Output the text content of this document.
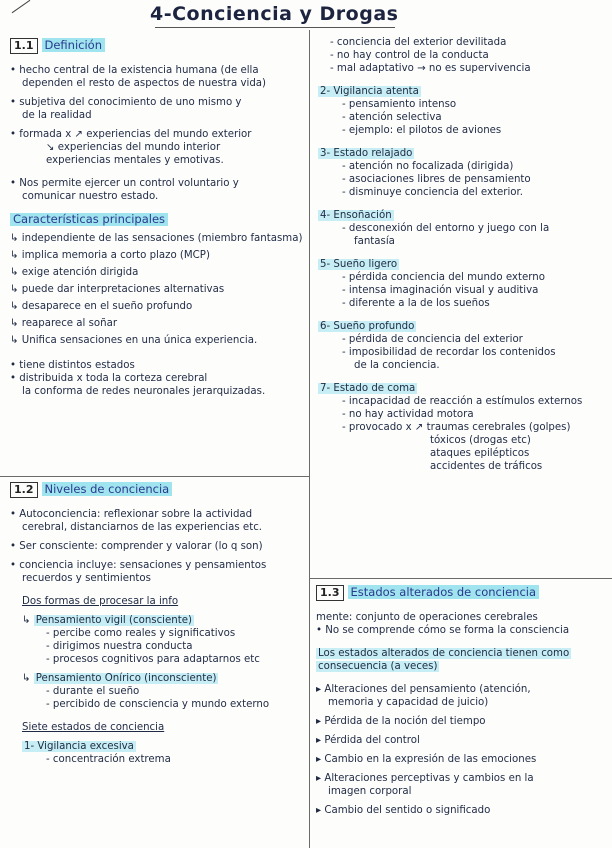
4-Conciencia y Drogas
1.1 Definición
• hecho central de la existencia humana (de ella
dependen el resto de aspectos de nuestra vida)
• subjetiva del conocimiento de uno mismo y
de la realidad
• formada x ↗ experiencias del mundo exterior
↘ experiencias del mundo interior
experiencias mentales y emotivas.
• Nos permite ejercer un control voluntario y
comunicar nuestro estado.
Características principales
↳ independiente de las sensaciones (miembro fantasma)
↳ implica memoria a corto plazo (MCP)
↳ exige atención dirigida
↳ puede dar interpretaciones alternativas
↳ desaparece en el sueño profundo
↳ reaparece al soñar
↳ Unifica sensaciones en una única experiencia.
• tiene distintos estados
• distribuida x toda la corteza cerebral
la conforma de redes neuronales jerarquizadas.
1.2 Niveles de conciencia
• Autoconciencia: reflexionar sobre la actividad
cerebral, distanciarnos de las experiencias etc.
• Ser consciente: comprender y valorar (lo q son)
• conciencia incluye: sensaciones y pensamientos
recuerdos y sentimientos
Dos formas de procesar la info
↳ Pensamiento vigil (consciente)
- percibe como reales y significativos
- dirigimos nuestra conducta
- procesos cognitivos para adaptarnos etc
↳ Pensamiento Onírico (inconsciente)
- durante el sueño
- percibido de consciencia y mundo externo
Siete estados de conciencia
1- Vigilancia excesiva
- concentración extrema
- conciencia del exterior devilitada
- no hay control de la conducta
- mal adaptativo → no es supervivencia
2- Vigilancia atenta
- pensamiento intenso
- atención selectiva
- ejemplo: el pilotos de aviones
3- Estado relajado
- atención no focalizada (dirigida)
- asociaciones libres de pensamiento
- disminuye conciencia del exterior.
4- Ensoñación
- desconexión del entorno y juego con la
fantasía
5- Sueño ligero
- pérdida conciencia del mundo externo
- intensa imaginación visual y auditiva
- diferente a la de los sueños
6- Sueño profundo
- pérdida de conciencia del exterior
- imposibilidad de recordar los contenidos
de la conciencia.
7- Estado de coma
- incapacidad de reacción a estímulos externos
- no hay actividad motora
- provocado x ↗ traumas cerebrales (golpes)
tóxicos (drogas etc)
ataques epilépticos
accidentes de tráficos
1.3 Estados alterados de conciencia
mente: conjunto de operaciones cerebrales
• No se comprende cómo se forma la consciencia
Los estados alterados de conciencia tienen como
consecuencia (a veces)
▸ Alteraciones del pensamiento (atención,
memoria y capacidad de juicio)
▸ Pérdida de la noción del tiempo
▸ Pérdida del control
▸ Cambio en la expresión de las emociones
▸ Alteraciones perceptivas y cambios en la
imagen corporal
▸ Cambio del sentido o significado
